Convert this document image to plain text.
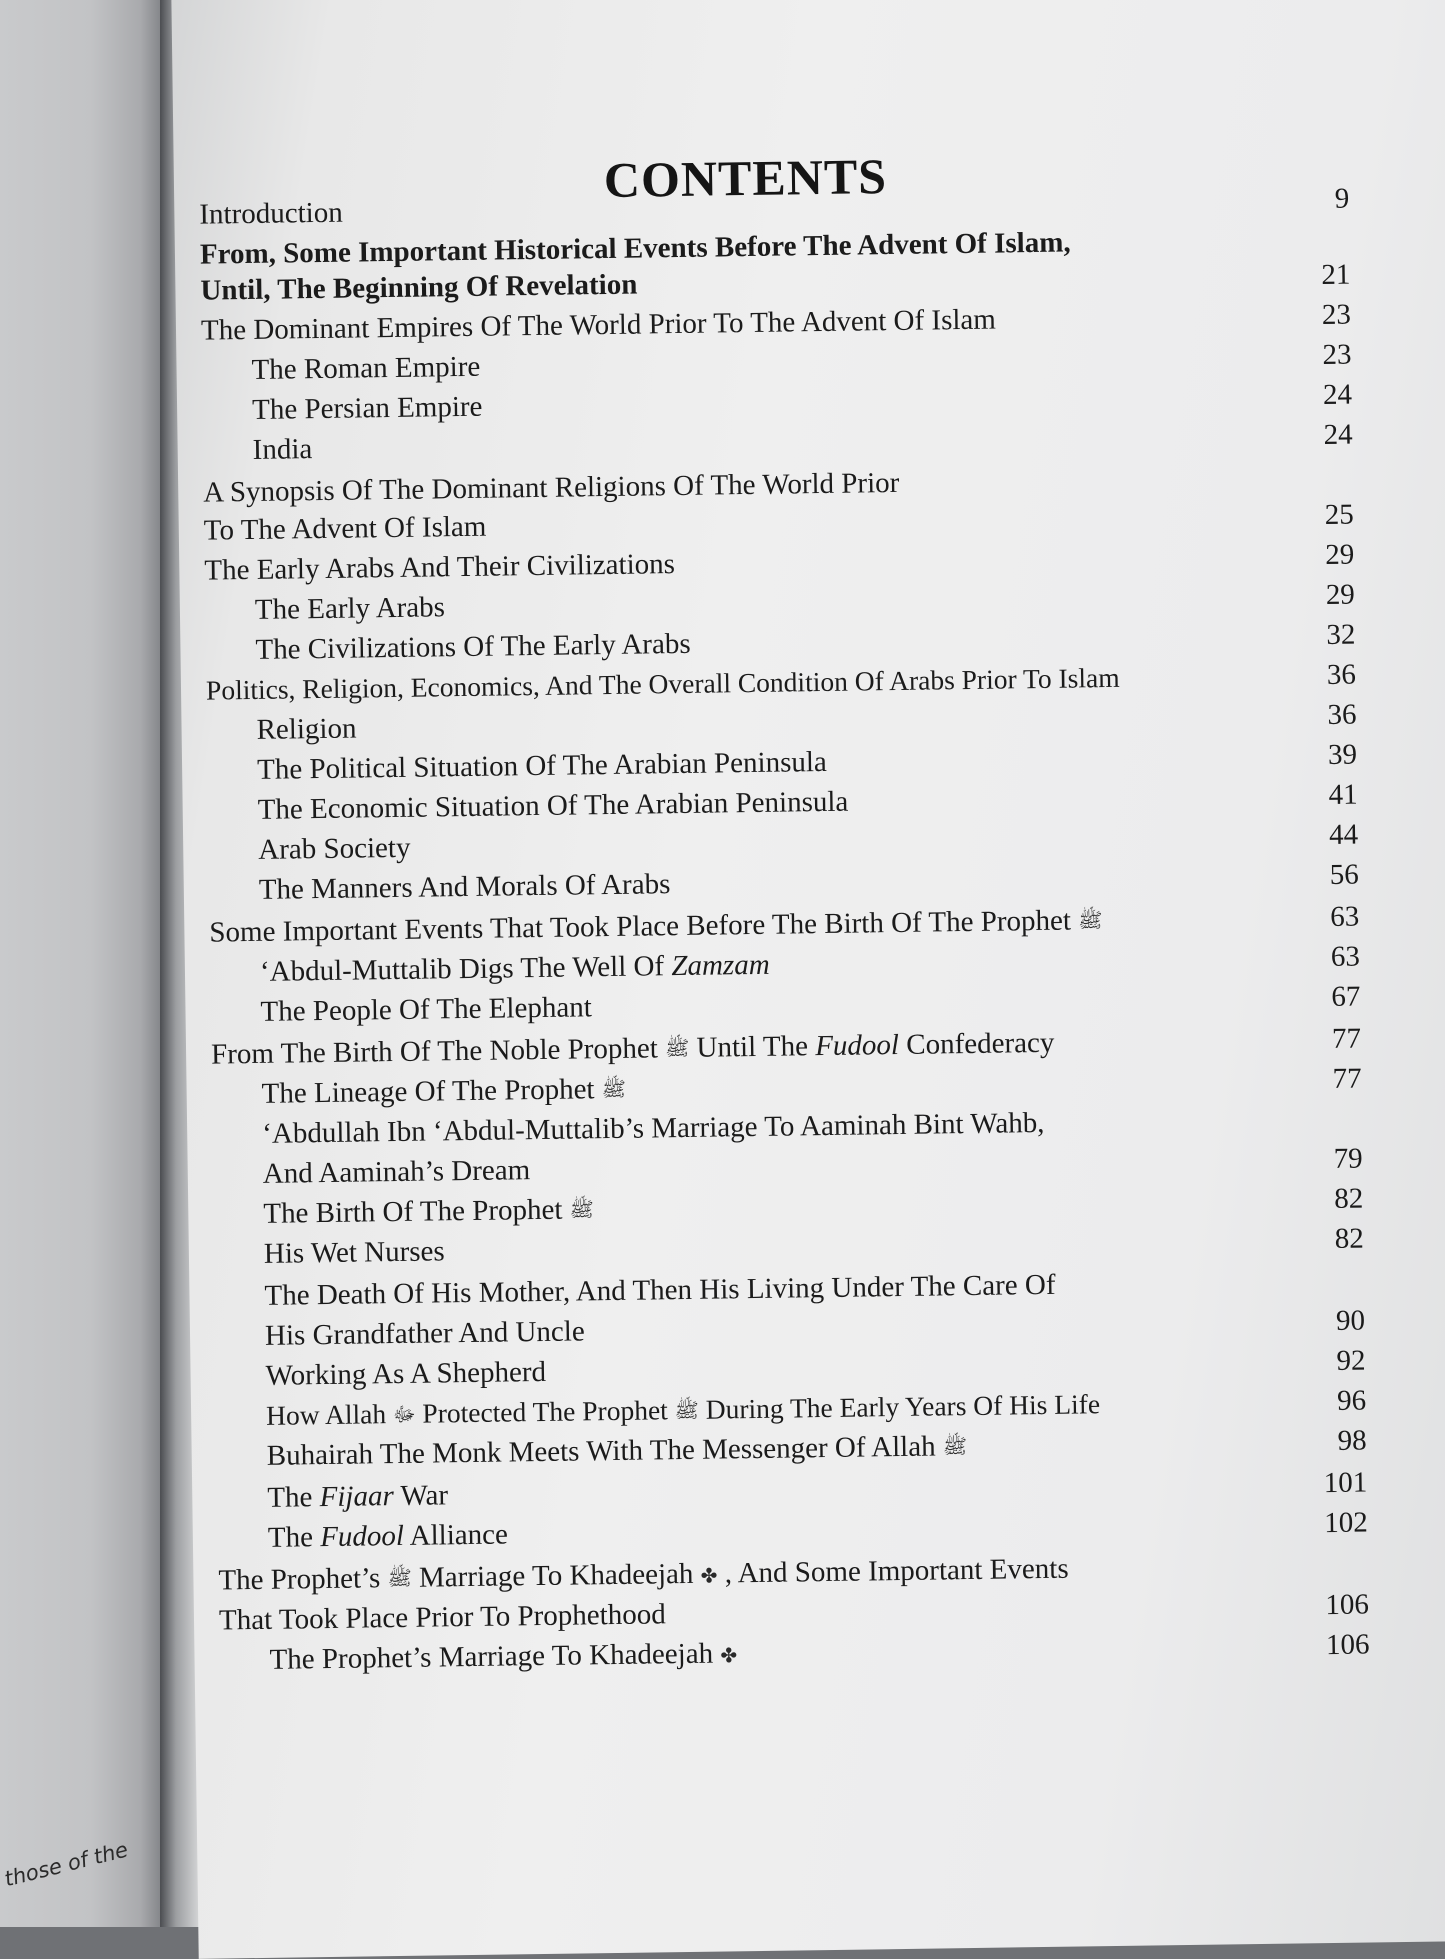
those of the
CONTENTS
Introduction	9
From, Some Important Historical Events Before The Advent Of Islam,
Until, The Beginning Of Revelation	21
The Dominant Empires Of The World Prior To The Advent Of Islam	23
The Roman Empire	23
The Persian Empire	24
India	24
A Synopsis Of The Dominant Religions Of The World Prior
To The Advent Of Islam	25
The Early Arabs And Their Civilizations	29
The Early Arabs	29
The Civilizations Of The Early Arabs	32
Politics, Religion, Economics, And The Overall Condition Of Arabs Prior To Islam	36
Religion	36
The Political Situation Of The Arabian Peninsula	39
The Economic Situation Of The Arabian Peninsula	41
Arab Society	44
The Manners And Morals Of Arabs	56
Some Important Events That Took Place Before The Birth Of The Prophet ﷺ	63
‘Abdul-Muttalib Digs The Well Of Zamzam	63
The People Of The Elephant	67
From The Birth Of The Noble Prophet ﷺ Until The Fudool Confederacy	77
The Lineage Of The Prophet ﷺ	77
‘Abdullah Ibn ‘Abdul-Muttalib’s Marriage To Aaminah Bint Wahb,
And Aaminah’s Dream	79
The Birth Of The Prophet ﷺ	82
His Wet Nurses	82
The Death Of His Mother, And Then His Living Under The Care Of
His Grandfather And Uncle	90
Working As A Shepherd	92
How Allah ﷻ Protected The Prophet ﷺ During The Early Years Of His Life	96
Buhairah The Monk Meets With The Messenger Of Allah ﷺ	98
The Fijaar War	101
The Fudool Alliance	102
The Prophet’s ﷺ Marriage To Khadeejah ✤ , And Some Important Events
That Took Place Prior To Prophethood	106
The Prophet’s Marriage To Khadeejah ✤	106
